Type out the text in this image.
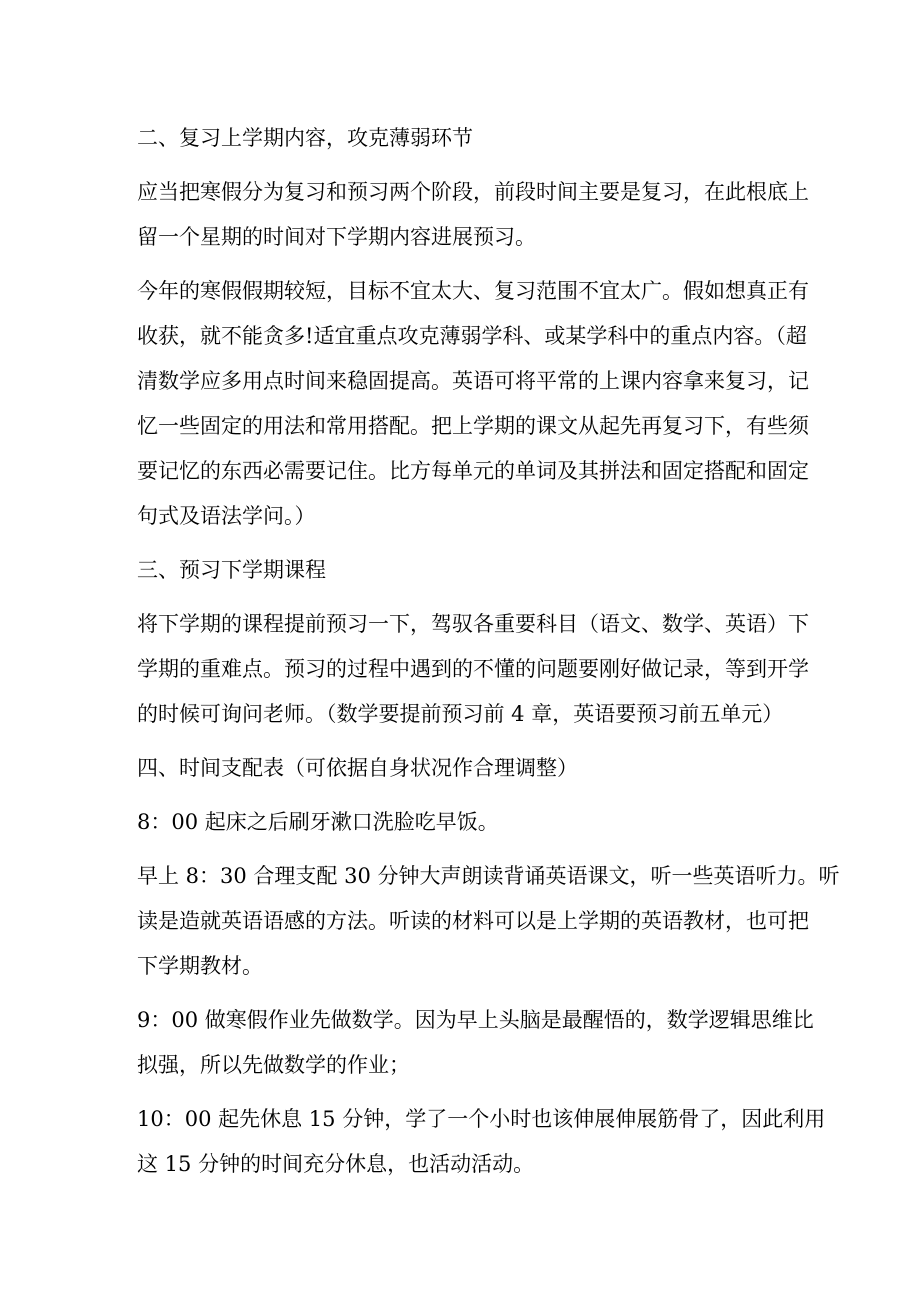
二、复习上学期内容，攻克薄弱环节
应当把寒假分为复习和预习两个阶段，前段时间主要是复习，在此根底上
留一个星期的时间对下学期内容进展预习。
今年的寒假假期较短，目标不宜太大、复习范围不宜太广。假如想真正有
收获，就不能贪多!适宜重点攻克薄弱学科、或某学科中的重点内容。（超
清数学应多用点时间来稳固提高。英语可将平常的上课内容拿来复习，记
忆一些固定的用法和常用搭配。把上学期的课文从起先再复习下，有些须
要记忆的东西必需要记住。比方每单元的单词及其拼法和固定搭配和固定
句式及语法学问。）
三、预习下学期课程
将下学期的课程提前预习一下，驾驭各重要科目（语文、数学、英语）下
学期的重难点。预习的过程中遇到的不懂的问题要刚好做记录，等到开学
的时候可询问老师。（数学要提前预习前 4 章，英语要预习前五单元）
四、时间支配表（可依据自身状况作合理调整）
8：00 起床之后刷牙漱口洗脸吃早饭。
早上 8：30 合理支配 30 分钟大声朗读背诵英语课文，听一些英语听力。听
读是造就英语语感的方法。听读的材料可以是上学期的英语教材，也可把
下学期教材。
9：00 做寒假作业先做数学。因为早上头脑是最醒悟的，数学逻辑思维比
拟强，所以先做数学的作业；
10：00 起先休息 15 分钟，学了一个小时也该伸展伸展筋骨了，因此利用
这 15 分钟的时间充分休息，也活动活动。
